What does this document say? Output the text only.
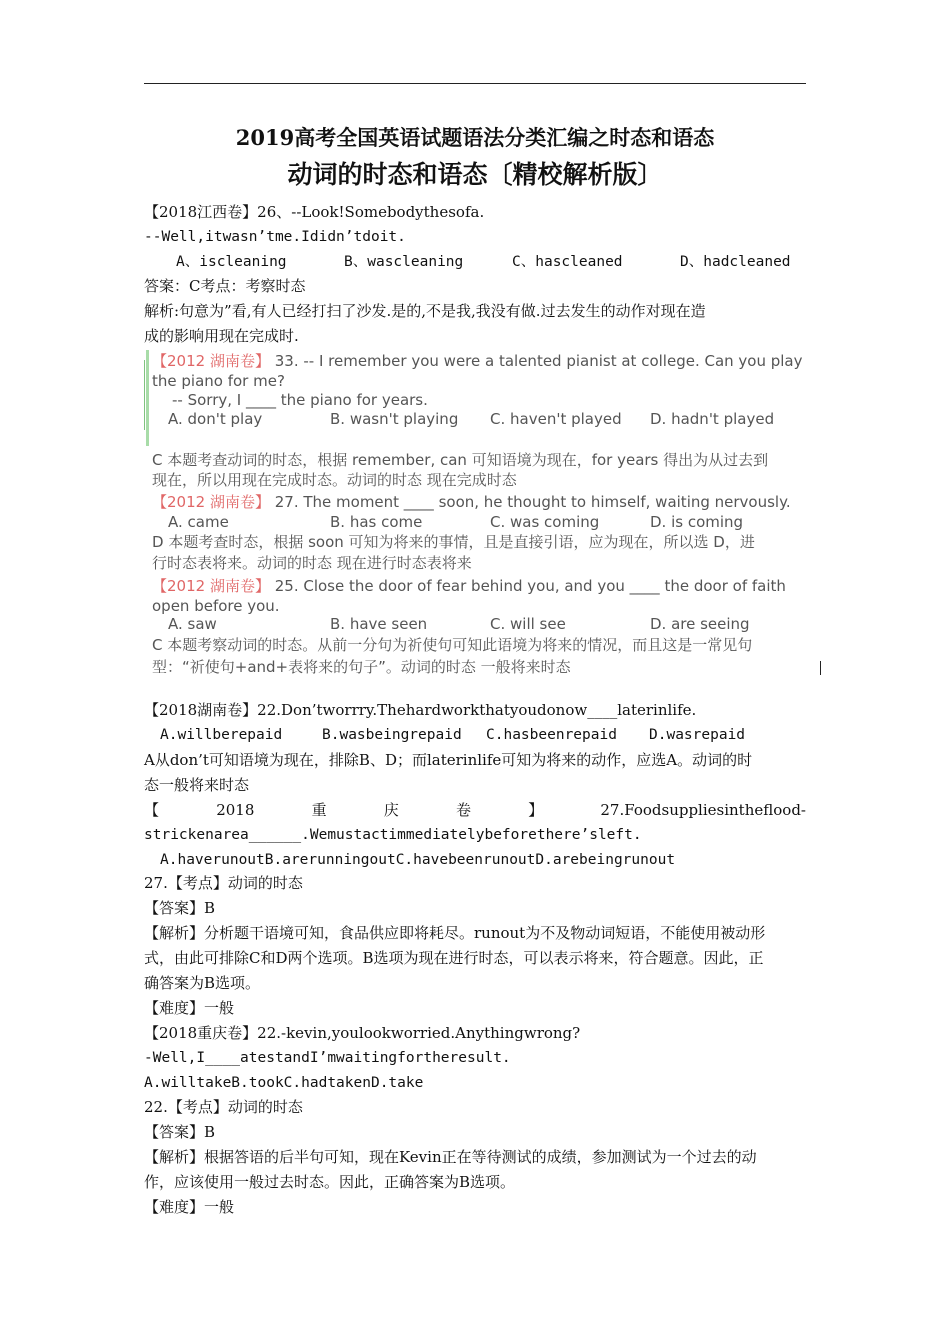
2019高考全国英语试题语法分类汇编之时态和语态
动词的时态和语态〔精校解析版〕
【2018江西卷】26、--Look!Somebodythesofa.
--Well,itwasn’tme.Ididn’tdoit.
A、iscleaning	B、wascleaning	C、hascleaned	D、hadcleaned
答案：C考点：考察时态
解析:句意为”看,有人已经打扫了沙发.是的,不是我,我没有做.过去发生的动作对现在造
成的影响用现在完成时.
【2012 湖南卷】 33. -- I remember you were a talented pianist at college. Can you play
the piano for me?
-- Sorry, I ____ the piano for years.
A. don't play	B. wasn't playing C. haven't played D. hadn't played
C 本题考查动词的时态，根据 remember, can 可知语境为现在，for years 得出为从过去到
现在，所以用现在完成时态。动词的时态 现在完成时态
【2012 湖南卷】 27. The moment ____ soon, he thought to himself, waiting nervously.
A. came	B. has come	C. was coming	D. is coming
D 本题考查时态，根据 soon 可知为将来的事情，且是直接引语，应为现在，所以选 D，进
行时态表将来。动词的时态 现在进行时态表将来
【2012 湖南卷】 25. Close the door of fear behind you, and you ____ the door of faith
open before you.
A. saw	B. have seen	C. will see	D. are seeing
C 本题考察动词的时态。从前一分句为祈使句可知此语境为将来的情况，而且这是一常见句
型：“祈使句+and+表将来的句子”。动词的时态 一般将来时态
【2018湖南卷】22.Don’tworrry.Thehardworkthatyoudonow____laterinlife.
A.willberepaid	B.wasbeingrepaid C.hasbeenrepaid D.wasrepaid
A从don’t可知语境为现在，排除B、D；而laterinlife可知为将来的动作，应选A。动词的时
态一般将来时态
【	2018	重	庆	卷	】	27.Foodsuppliesintheflood-
strickenarea______.Wemustactimmediatelybeforethere’sleft.
A.haverunoutB.arerunningoutC.havebeenrunoutD.arebeingrunout
27.【考点】动词的时态
【答案】B
【解析】分析题干语境可知，食品供应即将耗尽。runout为不及物动词短语，不能使用被动形
式，由此可排除C和D两个选项。B选项为现在进行时态，可以表示将来，符合题意。因此，正
确答案为B选项。
【难度】一般
【2018重庆卷】22.-kevin,youlookworried.Anythingwrong?
-Well,I____atestandI’mwaitingfortheresult.
A.willtakeB.tookC.hadtakenD.take
22.【考点】动词的时态
【答案】B
【解析】根据答语的后半句可知，现在Kevin正在等待测试的成绩，参加测试为一个过去的动
作，应该使用一般过去时态。因此，正确答案为B选项。
【难度】一般
